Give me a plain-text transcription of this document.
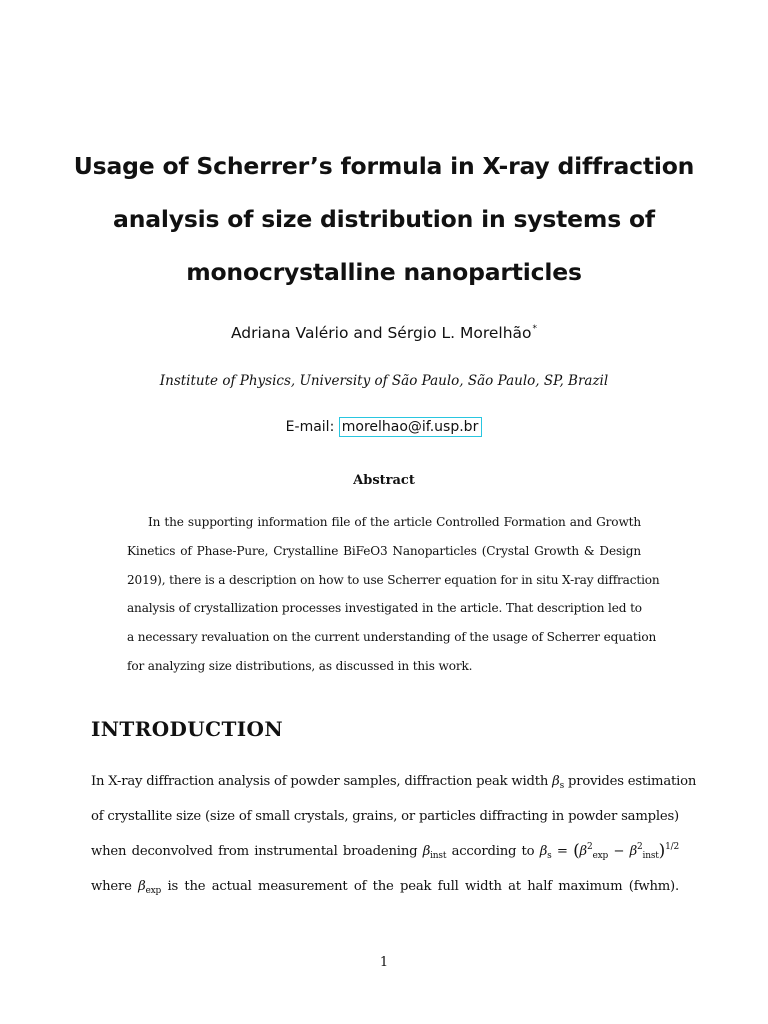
Usage of Scherrer’s formula in X-ray diffraction
analysis of size distribution in systems of
monocrystalline nanoparticles
Adriana Valério and Sérgio L. Morelhão*
Institute of Physics, University of São Paulo, São Paulo, SP, Brazil
E-mail: morelhao@if.usp.br
Abstract
In the supporting information file of the article Controlled Formation and Growth
Kinetics of Phase-Pure, Crystalline BiFeO3 Nanoparticles (Crystal Growth & Design
2019), there is a description on how to use Scherrer equation for in situ X-ray diffraction
analysis of crystallization processes investigated in the article. That description led to
a necessary revaluation on the current understanding of the usage of Scherrer equation
for analyzing size distributions, as discussed in this work.
INTRODUCTION
In X-ray diffraction analysis of powder samples, diffraction peak width $\beta_s$ provides estimation
of crystallite size (size of small crystals, grains, or particles diffracting in powder samples)
when deconvolved from instrumental broadening $\beta_{inst}$ according to $\beta_s = (\beta^2_{exp} - \beta^2_{inst})^{1/2}$
where $\beta_{exp}$ is the actual measurement of the peak full width at half maximum (fwhm).
1
